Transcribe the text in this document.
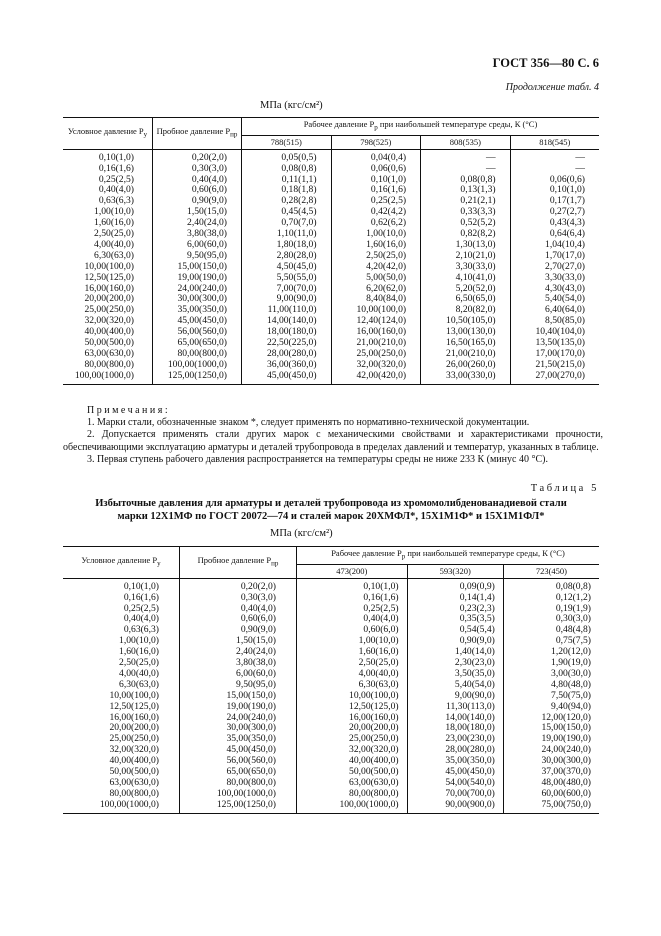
ГОСТ 356—80 С. 6
Продолжение табл. 4
МПа (кгс/см²)
Условное давление $P_у$	Пробное давление $P_{пр}$	Рабочее давление $P_р$ при наибольшей температуре среды, К (°С)			
		788(515)	798(525)	808(535)	818(545)
0,10(1,0)	0,20(2,0)	0,05(0,5)	0,04(0,4)	—	—
0,16(1,6)	0,30(3,0)	0,08(0,8)	0,06(0,6)	—	—
0,25(2,5)	0,40(4,0)	0,11(1,1)	0,10(1,0)	0,08(0,8)	0,06(0,6)
0,40(4,0)	0,60(6,0)	0,18(1,8)	0,16(1,6)	0,13(1,3)	0,10(1,0)
0,63(6,3)	0,90(9,0)	0,28(2,8)	0,25(2,5)	0,21(2,1)	0,17(1,7)
1,00(10,0)	1,50(15,0)	0,45(4,5)	0,42(4,2)	0,33(3,3)	0,27(2,7)
1,60(16,0)	2,40(24,0)	0,70(7,0)	0,62(6,2)	0,52(5,2)	0,43(4,3)
2,50(25,0)	3,80(38,0)	1,10(11,0)	1,00(10,0)	0,82(8,2)	0,64(6,4)
4,00(40,0)	6,00(60,0)	1,80(18,0)	1,60(16,0)	1,30(13,0)	1,04(10,4)
6,30(63,0)	9,50(95,0)	2,80(28,0)	2,50(25,0)	2,10(21,0)	1,70(17,0)
10,00(100,0)	15,00(150,0)	4,50(45,0)	4,20(42,0)	3,30(33,0)	2,70(27,0)
12,50(125,0)	19,00(190,0)	5,50(55,0)	5,00(50,0)	4,10(41,0)	3,30(33,0)
16,00(160,0)	24,00(240,0)	7,00(70,0)	6,20(62,0)	5,20(52,0)	4,30(43,0)
20,00(200,0)	30,00(300,0)	9,00(90,0)	8,40(84,0)	6,50(65,0)	5,40(54,0)
25,00(250,0)	35,00(350,0)	11,00(110,0)	10,00(100,0)	8,20(82,0)	6,40(64,0)
32,00(320,0)	45,00(450,0)	14,00(140,0)	12,40(124,0)	10,50(105,0)	8,50(85,0)
40,00(400,0)	56,00(560,0)	18,00(180,0)	16,00(160,0)	13,00(130,0)	10,40(104,0)
50,00(500,0)	65,00(650,0)	22,50(225,0)	21,00(210,0)	16,50(165,0)	13,50(135,0)
63,00(630,0)	80,00(800,0)	28,00(280,0)	25,00(250,0)	21,00(210,0)	17,00(170,0)
80,00(800,0)	100,00(1000,0)	36,00(360,0)	32,00(320,0)	26,00(260,0)	21,50(215,0)
100,00(1000,0)	125,00(1250,0)	45,00(450,0)	42,00(420,0)	33,00(330,0)	27,00(270,0)

Примечания:

1. Марки стали, обозначенные знаком *, следует применять по нормативно-технической документации.

2. Допускается применять стали других марок с механическими свойствами и характеристиками прочности, обеспечивающими эксплуатацию арматуры и деталей трубопровода в пределах давлений и температур, указанных в таблице.

3. Первая ступень рабочего давления распространяется на температуры среды не ниже 233 К (минус 40 °С).

Таблица 5
Избыточные давления для арматуры и деталей трубопровода из хромомолибденованадиевой стали
марки 12Х1МФ по ГОСТ 20072—74 и сталей марок 20ХМФЛ*, 15Х1М1Ф* и 15Х1М1ФЛ*
МПа (кгс/см²)
Условное давление $P_у$	Пробное давление $P_{пр}$	Рабочее давление $P_р$ при наибольшей температуре среды, К (°С)		
		473(200)	593(320)	723(450)
0,10(1,0)	0,20(2,0)	0,10(1,0)	0,09(0,9)	0,08(0,8)
0,16(1,6)	0,30(3,0)	0,16(1,6)	0,14(1,4)	0,12(1,2)
0,25(2,5)	0,40(4,0)	0,25(2,5)	0,23(2,3)	0,19(1,9)
0,40(4,0)	0,60(6,0)	0,40(4,0)	0,35(3,5)	0,30(3,0)
0,63(6,3)	0,90(9,0)	0,60(6,0)	0,54(5,4)	0,48(4,8)
1,00(10,0)	1,50(15,0)	1,00(10,0)	0,90(9,0)	0,75(7,5)
1,60(16,0)	2,40(24,0)	1,60(16,0)	1,40(14,0)	1,20(12,0)
2,50(25,0)	3,80(38,0)	2,50(25,0)	2,30(23,0)	1,90(19,0)
4,00(40,0)	6,00(60,0)	4,00(40,0)	3,50(35,0)	3,00(30,0)
6,30(63,0)	9,50(95,0)	6,30(63,0)	5,40(54,0)	4,80(48,0)
10,00(100,0)	15,00(150,0)	10,00(100,0)	9,00(90,0)	7,50(75,0)
12,50(125,0)	19,00(190,0)	12,50(125,0)	11,30(113,0)	9,40(94,0)
16,00(160,0)	24,00(240,0)	16,00(160,0)	14,00(140,0)	12,00(120,0)
20,00(200,0)	30,00(300,0)	20,00(200,0)	18,00(180,0)	15,00(150,0)
25,00(250,0)	35,00(350,0)	25,00(250,0)	23,00(230,0)	19,00(190,0)
32,00(320,0)	45,00(450,0)	32,00(320,0)	28,00(280,0)	24,00(240,0)
40,00(400,0)	56,00(560,0)	40,00(400,0)	35,00(350,0)	30,00(300,0)
50,00(500,0)	65,00(650,0)	50,00(500,0)	45,00(450,0)	37,00(370,0)
63,00(630,0)	80,00(800,0)	63,00(630,0)	54,00(540,0)	48,00(480,0)
80,00(800,0)	100,00(1000,0)	80,00(800,0)	70,00(700,0)	60,00(600,0)
100,00(1000,0)	125,00(1250,0)	100,00(1000,0)	90,00(900,0)	75,00(750,0)
